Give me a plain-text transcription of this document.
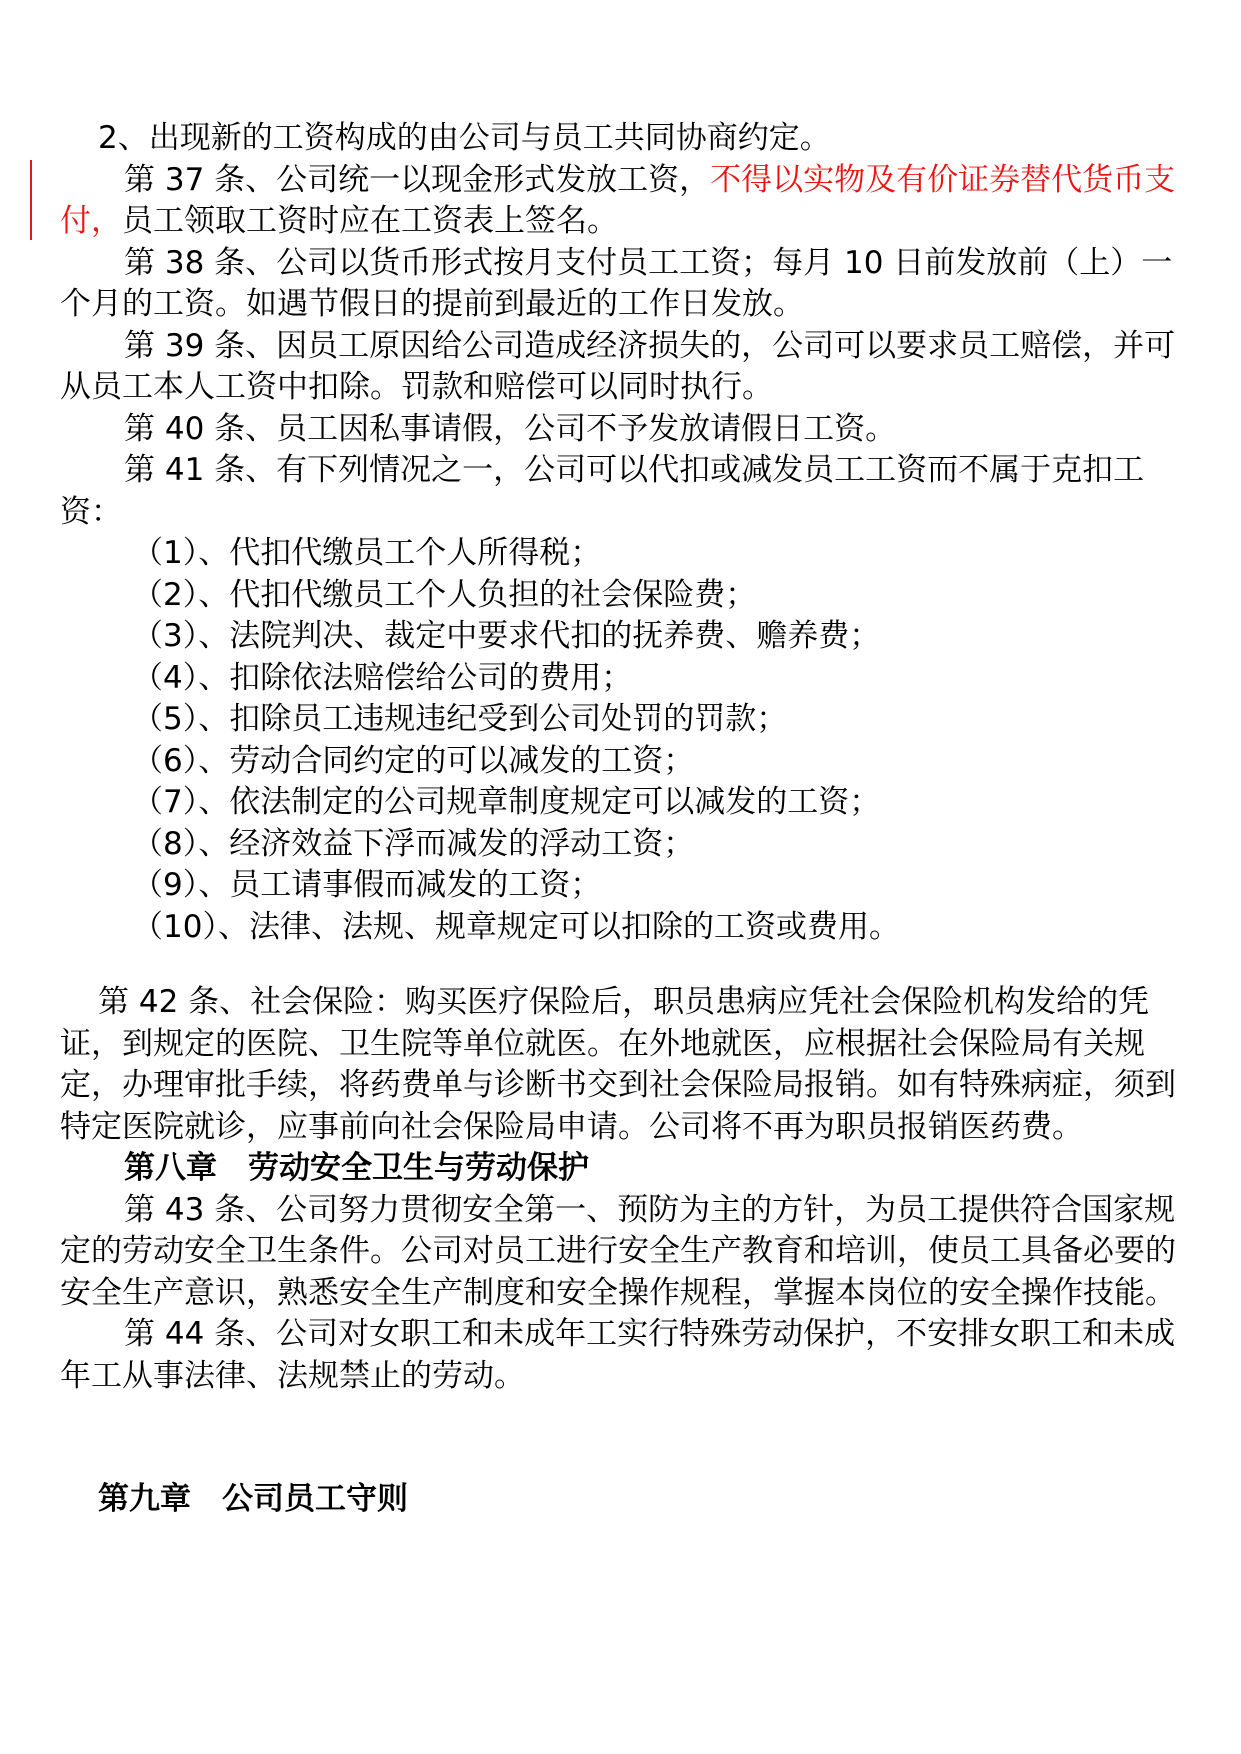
2、出现新的工资构成的由公司与员工共同协商约定。

第 37 条、公司统一以现金形式发放工资，不得以实物及有价证券替代货币支付，员工领取工资时应在工资表上签名。

第 38 条、公司以货币形式按月支付员工工资；每月 10 日前发放前（上）一个月的工资。如遇节假日的提前到最近的工作日发放。

第 39 条、因员工原因给公司造成经济损失的，公司可以要求员工赔偿，并可从员工本人工资中扣除。罚款和赔偿可以同时执行。

第 40 条、员工因私事请假，公司不予发放请假日工资。

第 41 条、有下列情况之一，公司可以代扣或减发员工工资而不属于克扣工资：

（1）、代扣代缴员工个人所得税；

（2）、代扣代缴员工个人负担的社会保险费；

（3）、法院判决、裁定中要求代扣的抚养费、赡养费；

（4）、扣除依法赔偿给公司的费用；

（5）、扣除员工违规违纪受到公司处罚的罚款；

（6）、劳动合同约定的可以减发的工资；

（7）、依法制定的公司规章制度规定可以减发的工资；

（8）、经济效益下浮而减发的浮动工资；

（9）、员工请事假而减发的工资；

（10）、法律、法规、规章规定可以扣除的工资或费用。

第 42 条、社会保险：购买医疗保险后，职员患病应凭社会保险机构发给的凭证，到规定的医院、卫生院等单位就医。在外地就医，应根据社会保险局有关规定，办理审批手续，将药费单与诊断书交到社会保险局报销。如有特殊病症，须到特定医院就诊，应事前向社会保险局申请。公司将不再为职员报销医药费。

第八章　劳动安全卫生与劳动保护

第 43 条、公司努力贯彻安全第一、预防为主的方针，为员工提供符合国家规定的劳动安全卫生条件。公司对员工进行安全生产教育和培训，使员工具备必要的安全生产意识，熟悉安全生产制度和安全操作规程，掌握本岗位的安全操作技能。

第 44 条、公司对女职工和未成年工实行特殊劳动保护，不安排女职工和未成年工从事法律、法规禁止的劳动。

第九章　公司员工守则
